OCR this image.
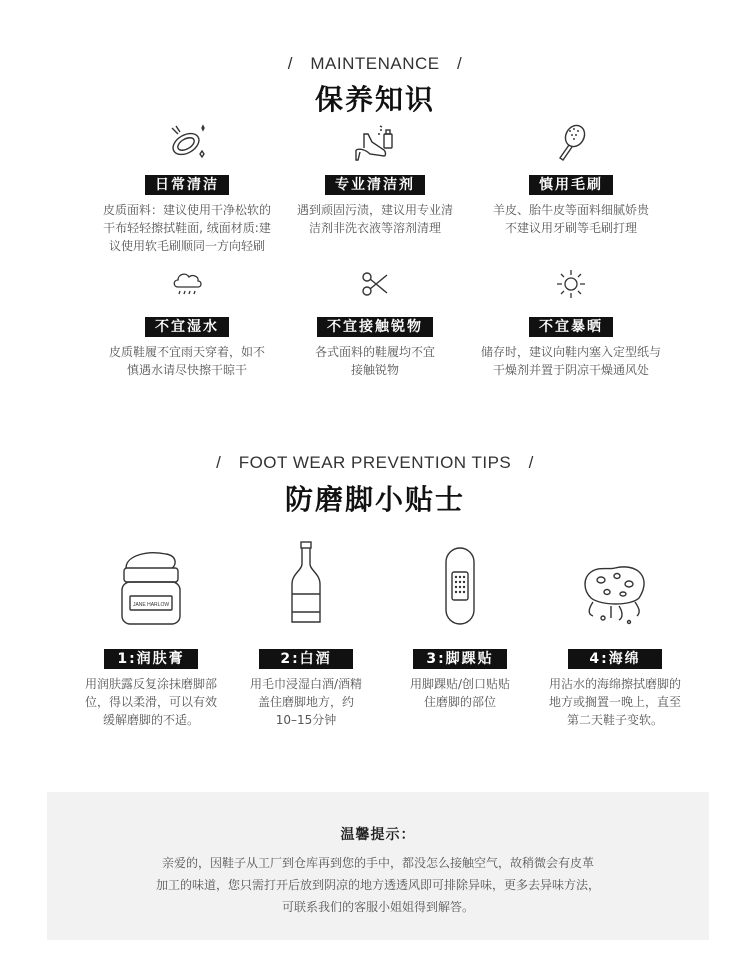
/ MAINTENANCE /
保养知识
日常清洁
皮质面料：建议使用干净松软的
干布轻轻擦拭鞋面, 绒面材质:建
议使用软毛刷顺同一方向轻刷
专业清洁剂
遇到顽固污渍，建议用专业清
洁剂非洗衣液等溶剂清理
慎用毛刷
羊皮、胎牛皮等面料细腻娇贵
不建议用牙刷等毛刷打理
不宜湿水
皮质鞋履不宜雨天穿着，如不
慎遇水请尽快擦干晾干
不宜接触锐物
各式面料的鞋履均不宜
接触锐物
不宜暴晒
储存时，建议向鞋内塞入定型纸与
干燥剂并置于阴凉干燥通风处
/ FOOT WEAR PREVENTION TIPS /
防磨脚小贴士
JANE HARLOW
1:润肤膏
用润肤露反复涂抹磨脚部
位，得以柔滑，可以有效
缓解磨脚的不适。
2:白酒
用毛巾浸湿白酒/酒精
盖住磨脚地方，约
10–15分钟
3:脚踝贴
用脚踝贴/创口贴贴
住磨脚的部位
4:海绵
用沾水的海绵擦拭磨脚的
地方或搁置一晚上，直至
第二天鞋子变软。
温馨提示：
亲爱的，因鞋子从工厂到仓库再到您的手中，都没怎么接触空气，故稍微会有皮革
加工的味道，您只需打开后放到阴凉的地方透透风即可排除异味，更多去异味方法，
可联系我们的客服小姐姐得到解答。
